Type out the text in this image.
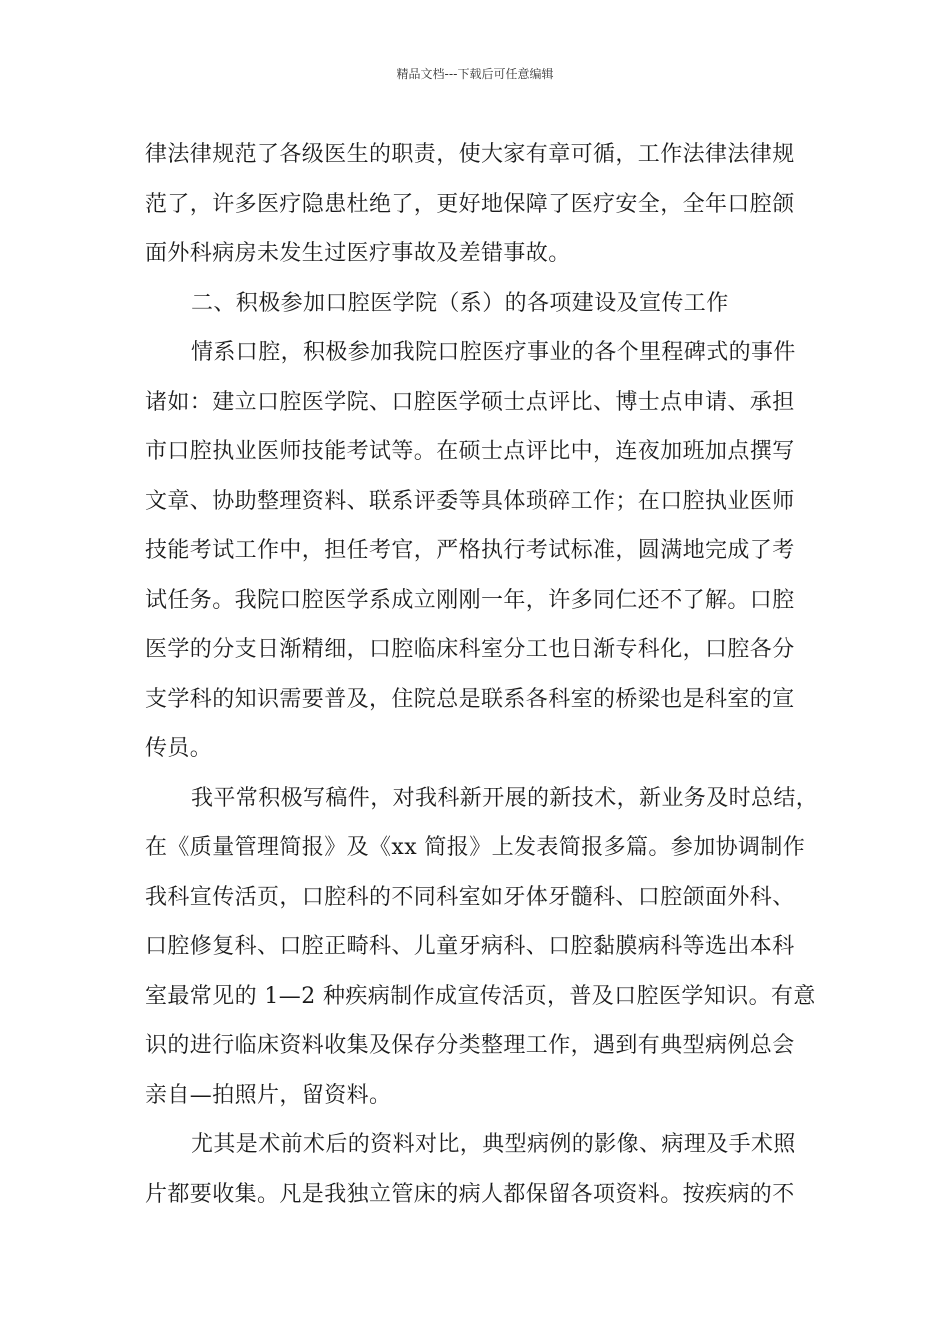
精品文档---下载后可任意编辑

律法律规范了各级医生的职责，使大家有章可循，工作法律法律规
范了，许多医疗隐患杜绝了，更好地保障了医疗安全，全年口腔颌
面外科病房未发生过医疗事故及差错事故。

二、积极参加口腔医学院（系）的各项建设及宣传工作

情系口腔，积极参加我院口腔医疗事业的各个里程碑式的事件
诸如：建立口腔医学院、口腔医学硕士点评比、博士点申请、承担
市口腔执业医师技能考试等。在硕士点评比中，连夜加班加点撰写
文章、协助整理资料、联系评委等具体琐碎工作；在口腔执业医师
技能考试工作中，担任考官，严格执行考试标准，圆满地完成了考
试任务。我院口腔医学系成立刚刚一年，许多同仁还不了解。口腔
医学的分支日渐精细，口腔临床科室分工也日渐专科化，口腔各分
支学科的知识需要普及，住院总是联系各科室的桥梁也是科室的宣
传员。

我平常积极写稿件，对我科新开展的新技术，新业务及时总结，
在《质量管理简报》及《xx 简报》上发表简报多篇。参加协调制作
我科宣传活页，口腔科的不同科室如牙体牙髓科、口腔颌面外科、
口腔修复科、口腔正畸科、儿童牙病科、口腔黏膜病科等选出本科
室最常见的 1—2 种疾病制作成宣传活页，普及口腔医学知识。有意
识的进行临床资料收集及保存分类整理工作，遇到有典型病例总会
亲自—拍照片，留资料。

尤其是术前术后的资料对比，典型病例的影像、病理及手术照
片都要收集。凡是我独立管床的病人都保留各项资料。按疾病的不
